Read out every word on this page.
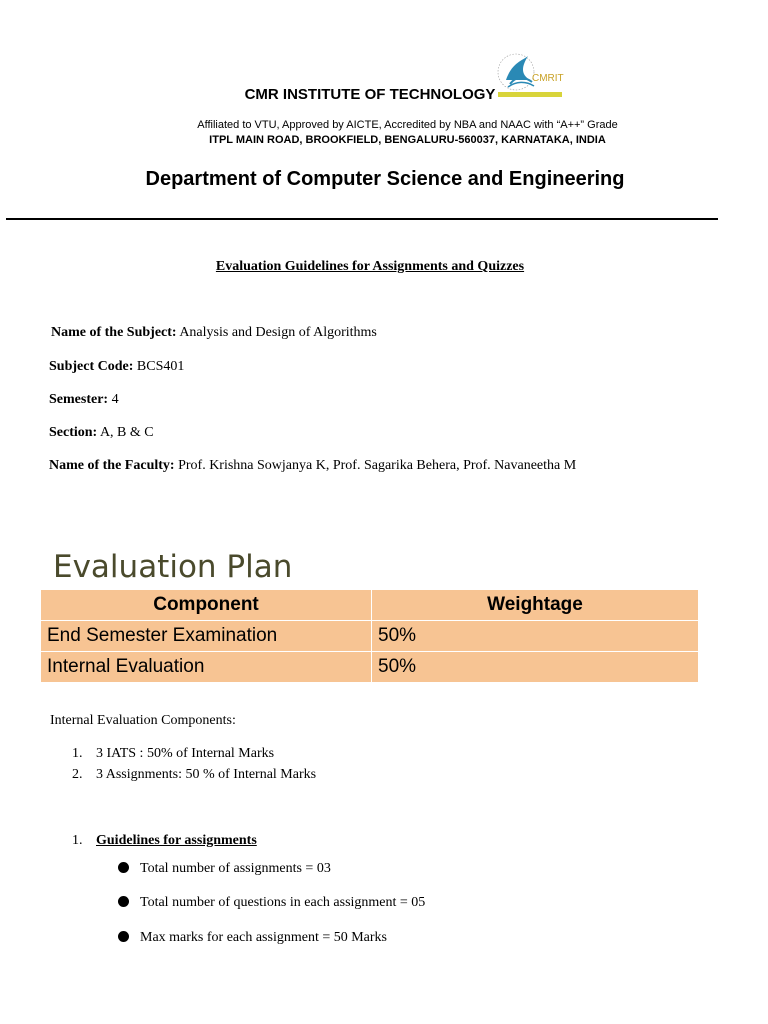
CMR INSTITUTE OF TECHNOLOGY
CMRIT
Affiliated to VTU, Approved by AICTE, Accredited by NBA and NAAC with “A++” Grade
ITPL MAIN ROAD, BROOKFIELD, BENGALURU-560037, KARNATAKA, INDIA
Department of Computer Science and Engineering
Evaluation Guidelines for Assignments and Quizzes
Name of the Subject: Analysis and Design of Algorithms
Subject Code: BCS401
Semester: 4
Section: A, B & C
Name of the Faculty: Prof. Krishna Sowjanya K, Prof. Sagarika Behera, Prof. Navaneetha M
Evaluation Plan
Component	Weightage
End Semester Examination	50%
Internal Evaluation	50%
Internal Evaluation Components:
1. 3 IATS : 50% of Internal Marks
2. 3 Assignments: 50 % of Internal Marks
1. Guidelines for assignments
Total number of assignments = 03
Total number of questions in each assignment = 05
Max marks for each assignment = 50 Marks
